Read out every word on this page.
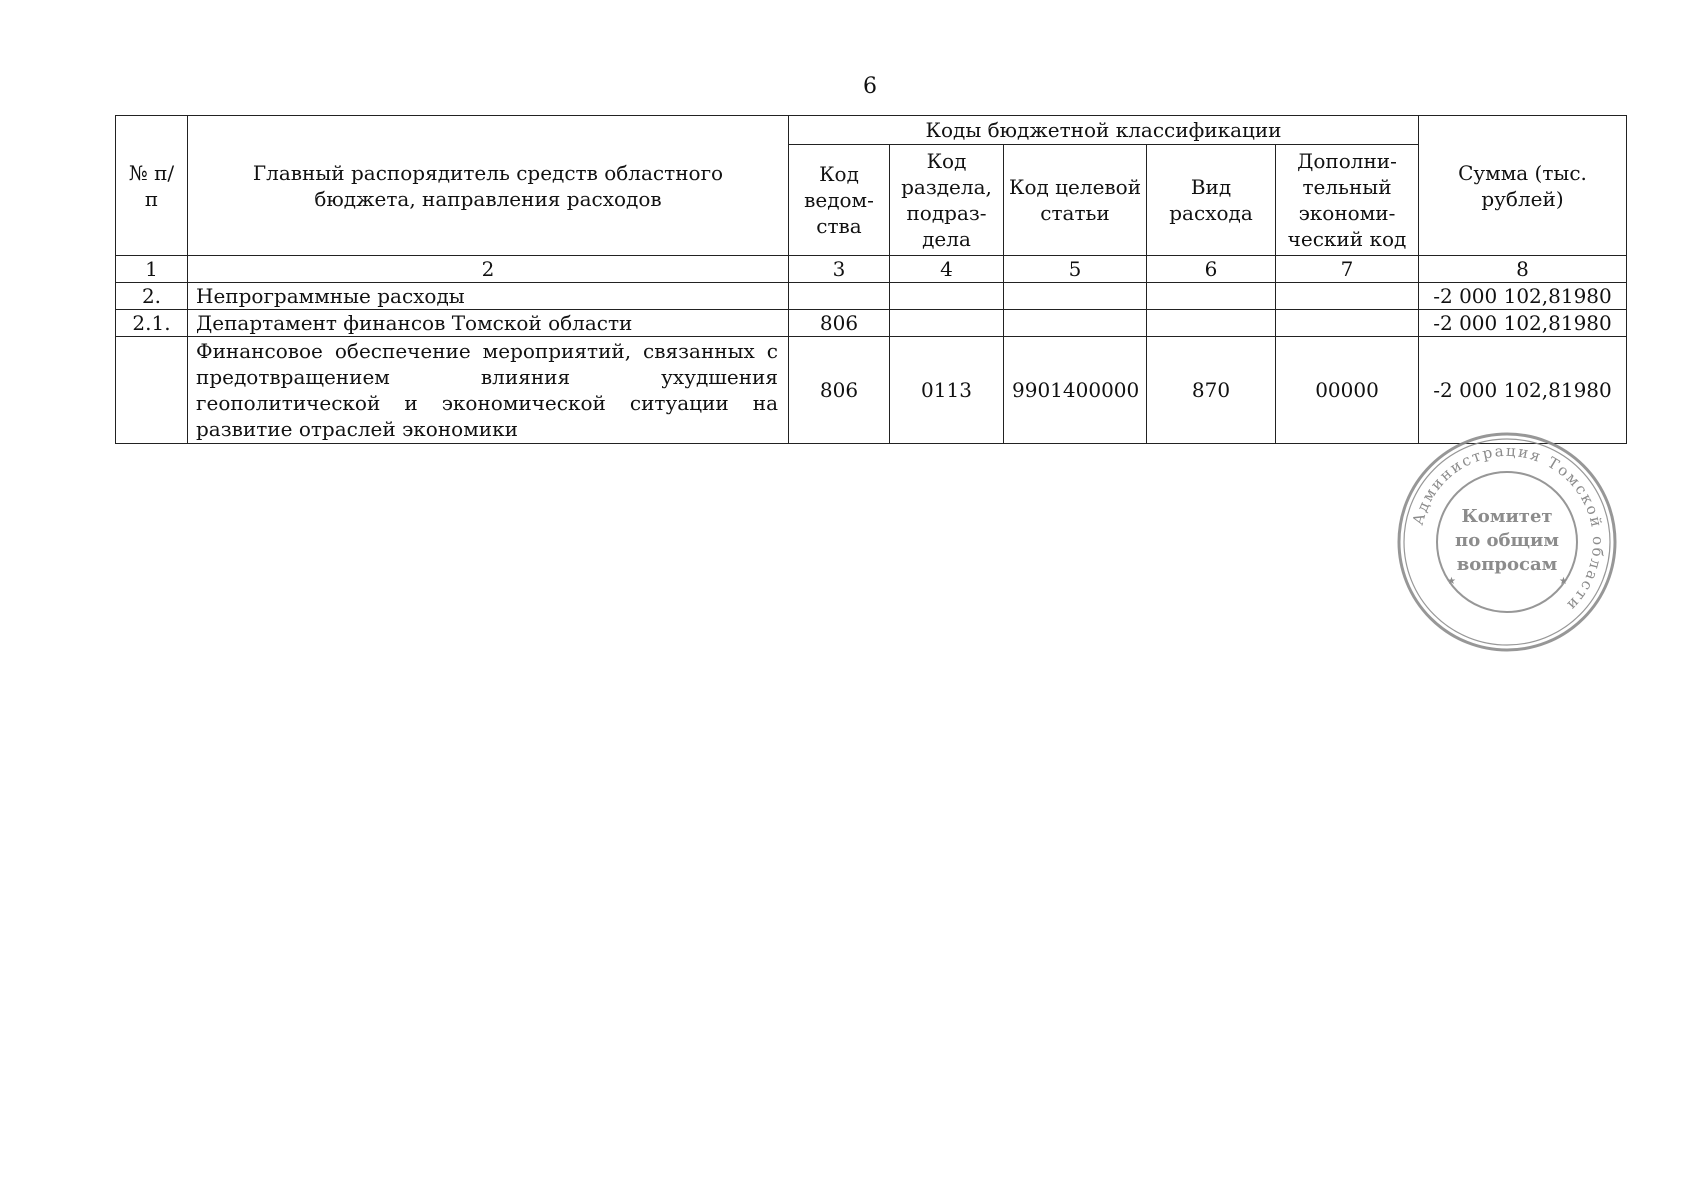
6
№ п/п	Главный распорядитель средств областного бюджета, направления расходов	Коды бюджетной классификации					Сумма (тыс. рублей)
		Код ведом-ства	Код раздела, подраз-дела	Код целевой статьи	Вид расхода	Дополни-тельный экономи-ческий код	
1	2	3	4	5	6	7	8
2.	Непрограммные расходы						-2 000 102,81980
2.1.	Департамент финансов Томской области	806					-2 000 102,81980
	Финансовое обеспечение мероприятий, связанных с предотвращением влияния ухудшения геополитической и экономической ситуации на развитие отраслей экономики	806	0113	9901400000	870	00000	-2 000 102,81980
Администрация Томской области
★	★
Комитет
по общим
вопросам
